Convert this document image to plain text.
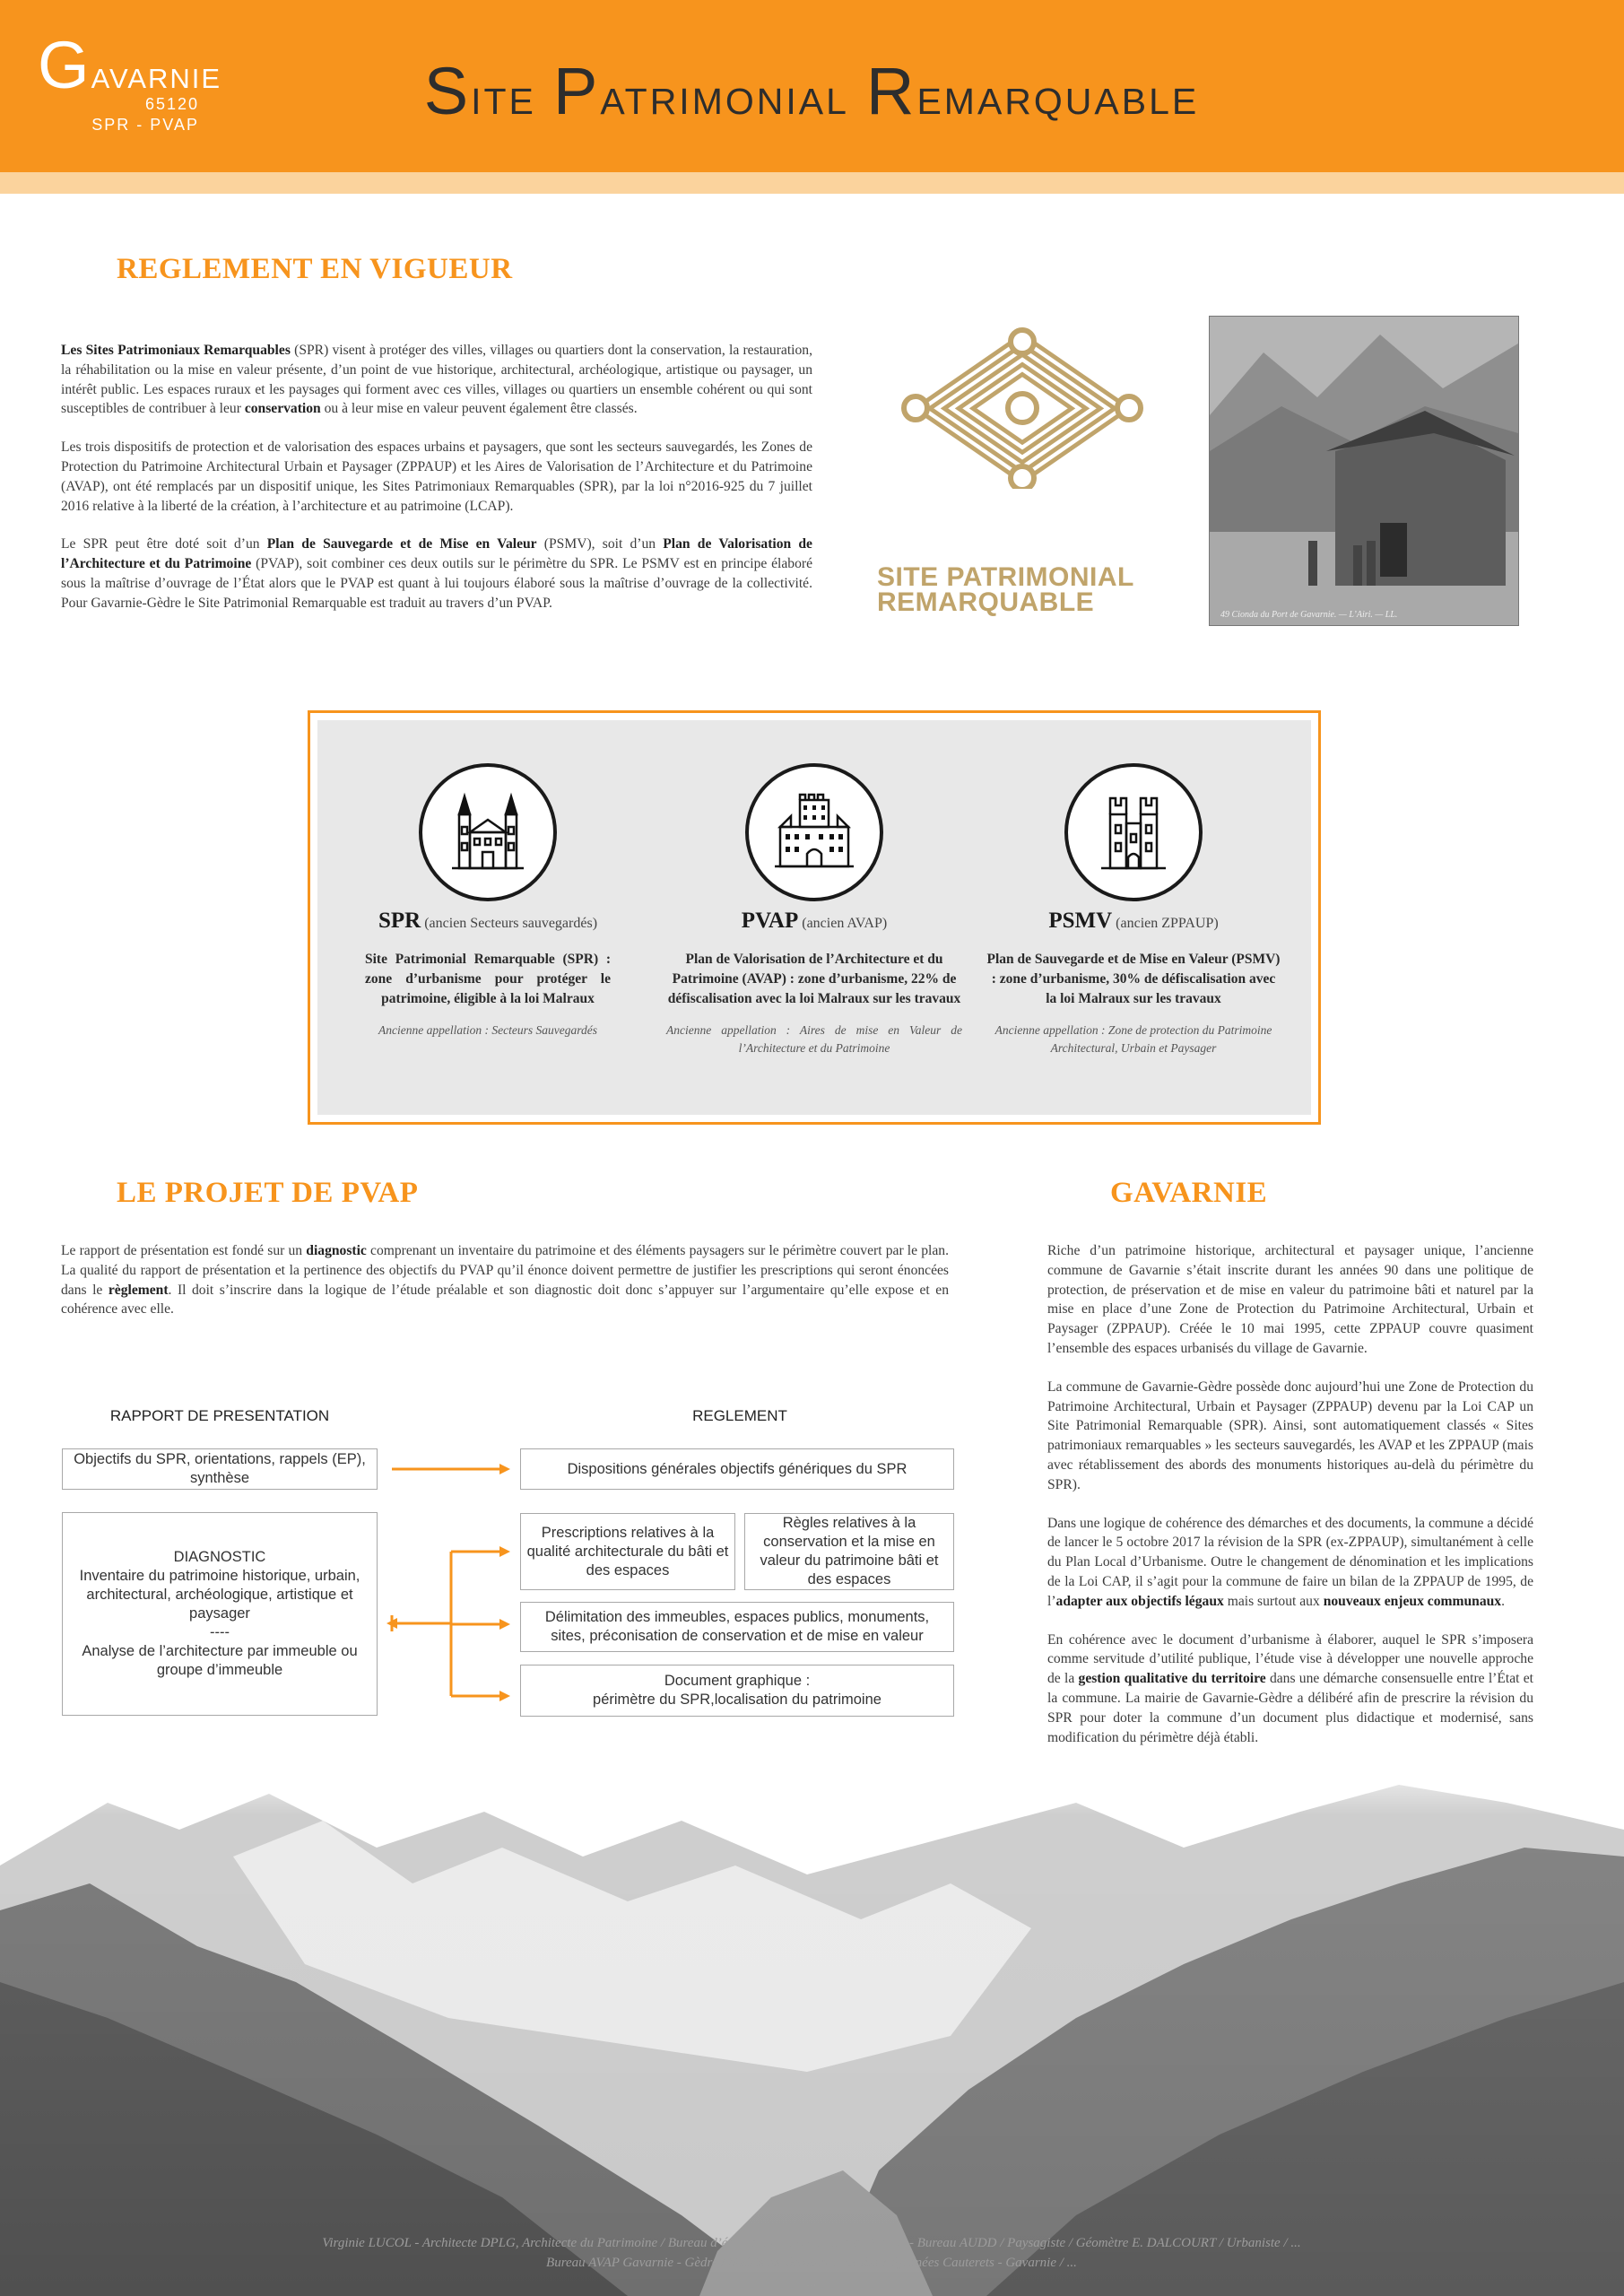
Gavarnie
65120
SPR - PVAP	Site Patrimonial Remarquable
REGLEMENT EN VIGUEUR

Les Sites Patrimoniaux Remarquables (SPR) visent à protéger des villes, villages ou quartiers dont la conservation, la restauration, la réhabilitation ou la mise en valeur présente, d’un point de vue historique, architectural, archéologique, artistique ou paysager, un intérêt public. Les espaces ruraux et les paysages qui forment avec ces villes, villages ou quartiers un ensemble cohérent ou qui sont susceptibles de contribuer à leur conservation ou à leur mise en valeur peuvent également être classés.

Les trois dispositifs de protection et de valorisation des espaces urbains et paysagers, que sont les secteurs sauvegardés, les Zones de Protection du Patrimoine Architectural Urbain et Paysager (ZPPAUP) et les Aires de Valorisation de l’Architecture et du Patrimoine (AVAP), ont été remplacés par un dispositif unique, les Sites Patrimoniaux Remarquables (SPR), par la loi n°2016-925 du 7 juillet 2016 relative à la liberté de la création, à l’architecture et au patrimoine (LCAP).

Le SPR peut être doté soit d’un Plan de Sauvegarde et de Mise en Valeur (PSMV), soit d’un Plan de Valorisation de l’Architecture et du Patrimoine (PVAP), soit combiner ces deux outils sur le périmètre du SPR. Le PSMV est en principe élaboré sous la maîtrise d’ouvrage de l’État alors que le PVAP est quant à lui toujours élaboré sous la maîtrise d’ouvrage de la collectivité. Pour Gavarnie-Gèdre le Site Patrimonial Remarquable est traduit au travers d’un PVAP.

SITE PATRIMONIAL
REMARQUABLE	49 Cionda du Port de Gavarnie. — L’Airi. — LL.
SPR (ancien Secteurs sauvegardés)
Site Patrimonial Remarquable (SPR) : zone d’urbanisme pour protéger le patrimoine, éligible à la loi Malraux
Ancienne appellation : Secteurs Sauvegardés
PVAP (ancien AVAP)
Plan de Valorisation de l’Architecture et du Patrimoine (AVAP) : zone d’urbanisme, 22% de défiscalisation avec la loi Malraux sur les travaux
Ancienne appellation : Aires de mise en Valeur de l’Architecture et du Patrimoine
PSMV (ancien ZPPAUP)
Plan de Sauvegarde et de Mise en Valeur (PSMV) : zone d’urbanisme, 30% de défiscalisation avec la loi Malraux sur les travaux
Ancienne appellation : Zone de protection du Patrimoine Architectural, Urbain et Paysager
LE PROJET DE PVAP

Le rapport de présentation est fondé sur un diagnostic comprenant un inventaire du patrimoine et des éléments paysagers sur le périmètre couvert par le plan. La qualité du rapport de présentation et la pertinence des objectifs du PVAP qu’il énonce doivent permettre de justifier les prescriptions qui seront énoncées dans le règlement. Il doit s’inscrire dans la logique de l’étude préalable et son diagnostic doit donc s’appuyer sur l’argumentaire qu’elle expose et en cohérence avec elle.

RAPPORT DE PRESENTATION	REGLEMENT
Objectifs du SPR, orientations, rappels (EP),
synthèse
DIAGNOSTIC
Inventaire du patrimoine historique, urbain, architectural, archéologique, artistique et paysager
----
Analyse de l’architecture par immeuble ou groupe d’immeuble
Dispositions générales objectifs génériques du SPR
Prescriptions relatives à la qualité architecturale du bâti et des espaces
Règles relatives à la conservation et la mise en valeur du patrimoine bâti et des espaces
Délimitation des immeubles, espaces publics, monuments, sites, préconisation de conservation et de mise en valeur
Document graphique :
périmètre du SPR,localisation du patrimoine
GAVARNIE

Riche d’un patrimoine historique, architectural et paysager unique, l’ancienne commune de Gavarnie s’était inscrite durant les années 90 dans une politique de protection, de préservation et de mise en valeur du patrimoine bâti et naturel par la mise en place d’une Zone de Protection du Patrimoine Architectural, Urbain et Paysager (ZPPAUP). Créée le 10 mai 1995, cette ZPPAUP couvre quasiment l’ensemble des espaces urbanisés du village de Gavarnie.

La commune de Gavarnie-Gèdre possède donc aujourd’hui une Zone de Protection du Patrimoine Architectural, Urbain et Paysager (ZPPAUP) devenu par la Loi CAP un Site Patrimonial Remarquable (SPR). Ainsi, sont automatiquement classés « Sites patrimoniaux remarquables » les secteurs sauvegardés, les AVAP et les ZPPAUP (mais avec rétablissement des abords des monuments historiques au-delà du périmètre du SPR).

Dans une logique de cohérence des démarches et des documents, la commune a décidé de lancer le 5 octobre 2017 la révision de la SPR (ex-ZPPAUP), simultanément à celle du Plan Local d’Urbanisme. Outre le changement de dénomination et les implications de la Loi CAP, il s’agit pour la commune de faire un bilan de la ZPPAUP de 1995, de l’adapter aux objectifs légaux mais surtout aux nouveaux enjeux communaux.

En cohérence avec le document d’urbanisme à élaborer, auquel le SPR s’imposera comme servitude d’utilité publique, l’étude vise à développer une nouvelle approche de la gestion qualitative du territoire dans une démarche consensuelle entre l’État et la commune. La mairie de Gavarnie-Gèdre a délibéré afin de prescrire la révision du SPR pour doter la commune d’un document plus didactique et modernisé, sans modification du périmètre déjà établi.

Virginie LUCOL - Architecte DPLG, Architecte du Patrimoine / Bureau d’études UP’IOL / Urbaniste DPLG - Bureau AUDD / Paysagiste / Géomètre E. DALCOURT / Urbaniste / ...
Bureau AVAP Gavarnie - Gèdre / Mairie de Gavarnie - Gèdre / Pyrénées Cauterets - Gavarnie / ...
...
